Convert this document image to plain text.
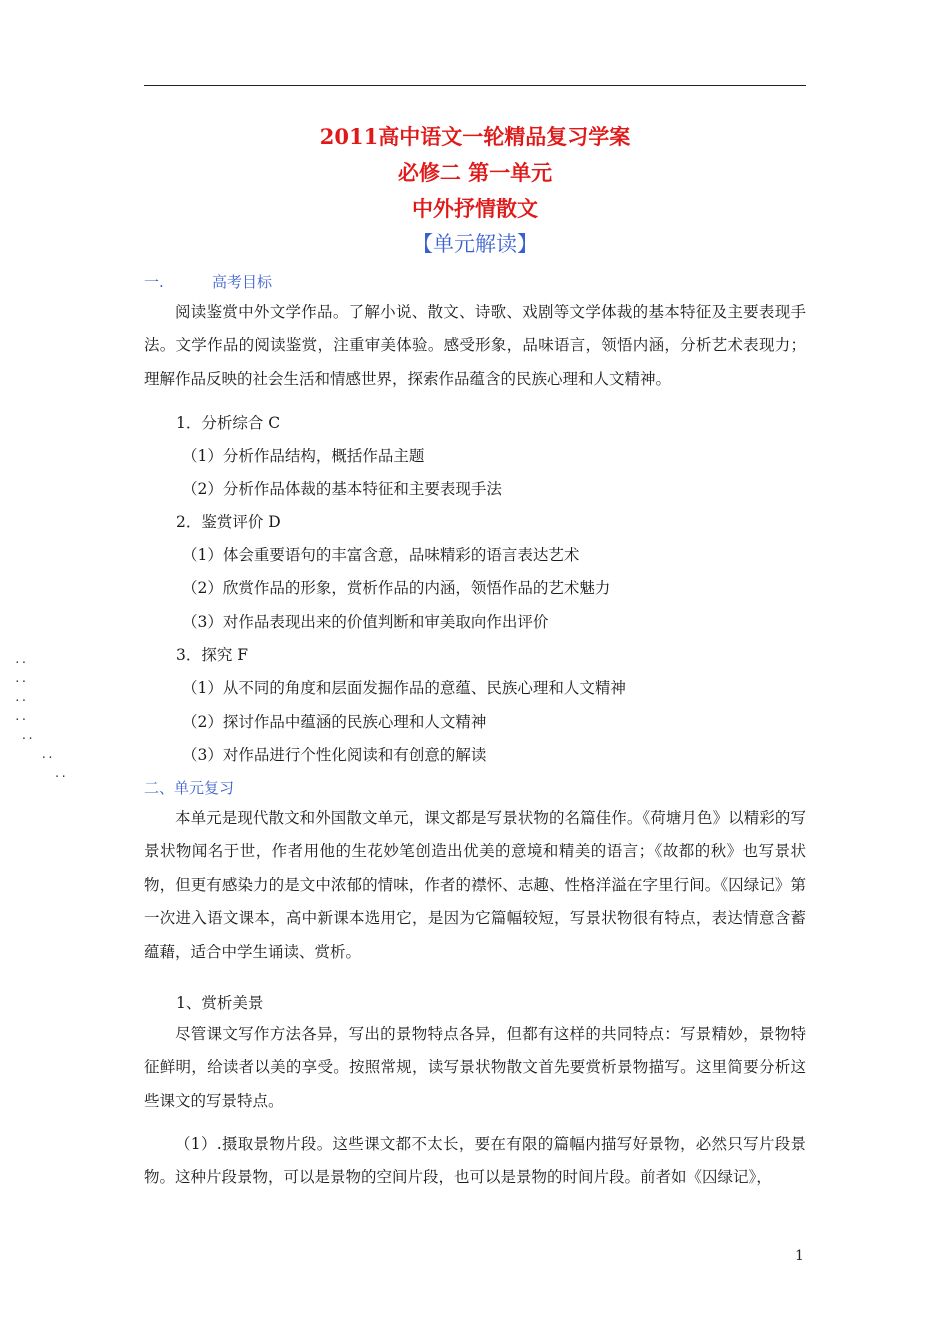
2011高中语文一轮精品复习学案
必修二 第一单元
中外抒情散文
【单元解读】
一.	高考目标

阅读鉴赏中外文学作品。了解小说、散文、诗歌、戏剧等文学体裁的基本特征及主要表现手法。文学作品的阅读鉴赏，注重审美体验。感受形象，品味语言，领悟内涵，分析艺术表现力；理解作品反映的社会生活和情感世界，探索作品蕴含的民族心理和人文精神。

1．分析综合 C
（1）分析作品结构，概括作品主题
（2）分析作品体裁的基本特征和主要表现手法
2．鉴赏评价 D
（1）体会重要语句的丰富含意，品味精彩的语言表达艺术
（2）欣赏作品的形象，赏析作品的内涵，领悟作品的艺术魅力
（3）对作品表现出来的价值判断和审美取向作出评价
3．探究 F
（1）从不同的角度和层面发掘作品的意蕴、民族心理和人文精神
（2）探讨作品中蕴涵的民族心理和人文精神
（3）对作品进行个性化阅读和有创意的解读
..
..
..
..
..
..
..
二、单元复习

本单元是现代散文和外国散文单元，课文都是写景状物的名篇佳作。《荷塘月色》以精彩的写景状物闻名于世，作者用他的生花妙笔创造出优美的意境和精美的语言；《故都的秋》也写景状物，但更有感染力的是文中浓郁的情味，作者的襟怀、志趣、性格洋溢在字里行间。《囚绿记》第一次进入语文课本，高中新课本选用它，是因为它篇幅较短，写景状物很有特点，表达情意含蓄蕴藉，适合中学生诵读、赏析。

1、赏析美景

尽管课文写作方法各异，写出的景物特点各异，但都有这样的共同特点：写景精妙，景物特征鲜明，给读者以美的享受。按照常规，读写景状物散文首先要赏析景物描写。这里简要分析这些课文的写景特点。

（1）.摄取景物片段。这些课文都不太长，要在有限的篇幅内描写好景物，必然只写片段景物。这种片段景物，可以是景物的空间片段，也可以是景物的时间片段。前者如《囚绿记》，

1
